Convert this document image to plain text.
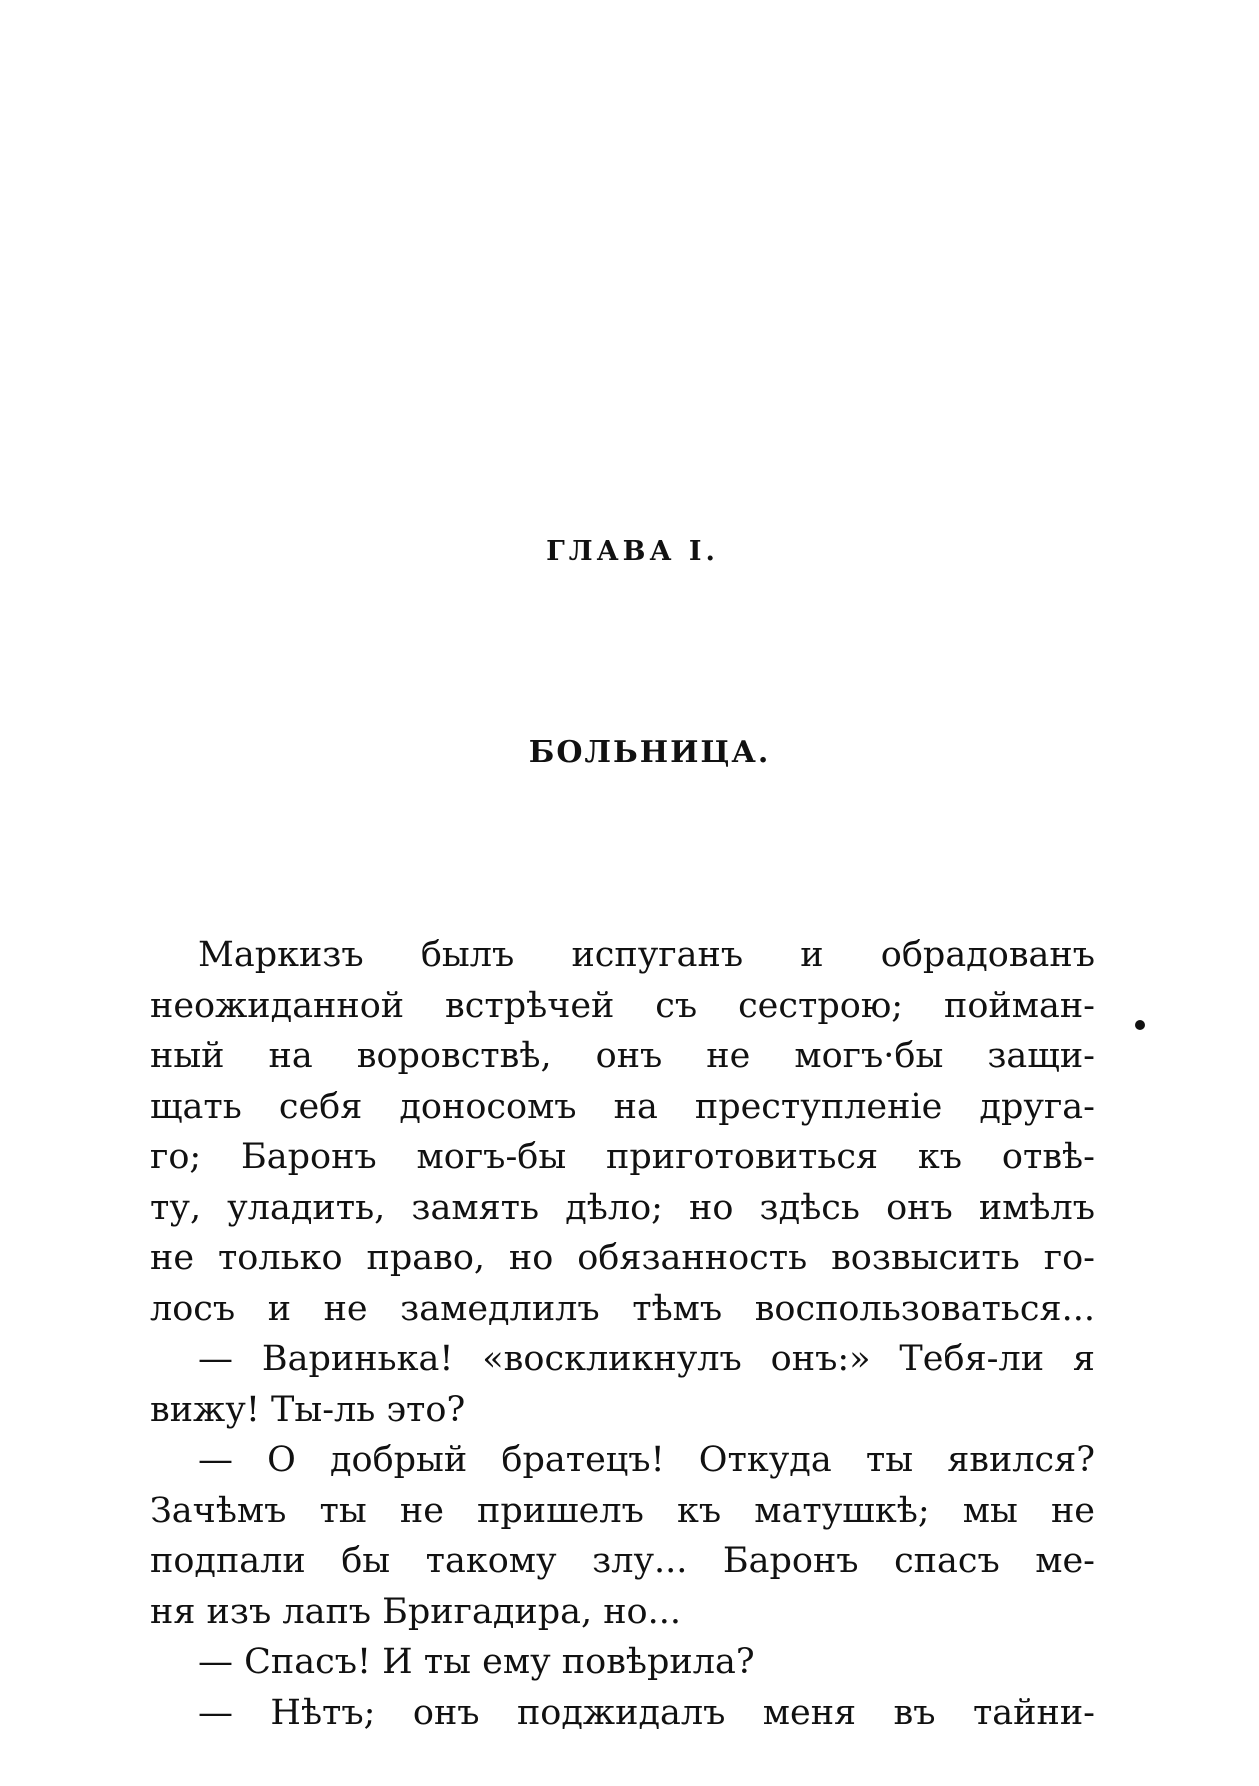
ГЛАВА I.
БОЛЬНИЦА.
Маркизъ былъ испуганъ и обрадованъ
неожиданной встрѣчей съ сестрою; пойман-
ный на воровствѣ, онъ не могъ·бы защи-
щать себя доносомъ на преступленіе друга-
го; Баронъ могъ-бы приготовиться къ отвѣ-
ту, уладить, замять дѣло; но здѣсь онъ имѣлъ
не только право, но обязанность возвысить го-
лосъ и не замедлилъ тѣмъ воспользоваться...
— Варинька! «воскликнулъ онъ:» Тебя-ли я
вижу! Ты-ль это?
— О добрый братецъ! Откуда ты явился?
Зачѣмъ ты не пришелъ къ матушкѣ; мы не
подпали бы такому злу... Баронъ спасъ ме-
ня изъ лапъ Бригадира, но...
— Спасъ! И ты ему повѣрила?
— Нѣтъ; онъ поджидалъ меня въ тайни-
